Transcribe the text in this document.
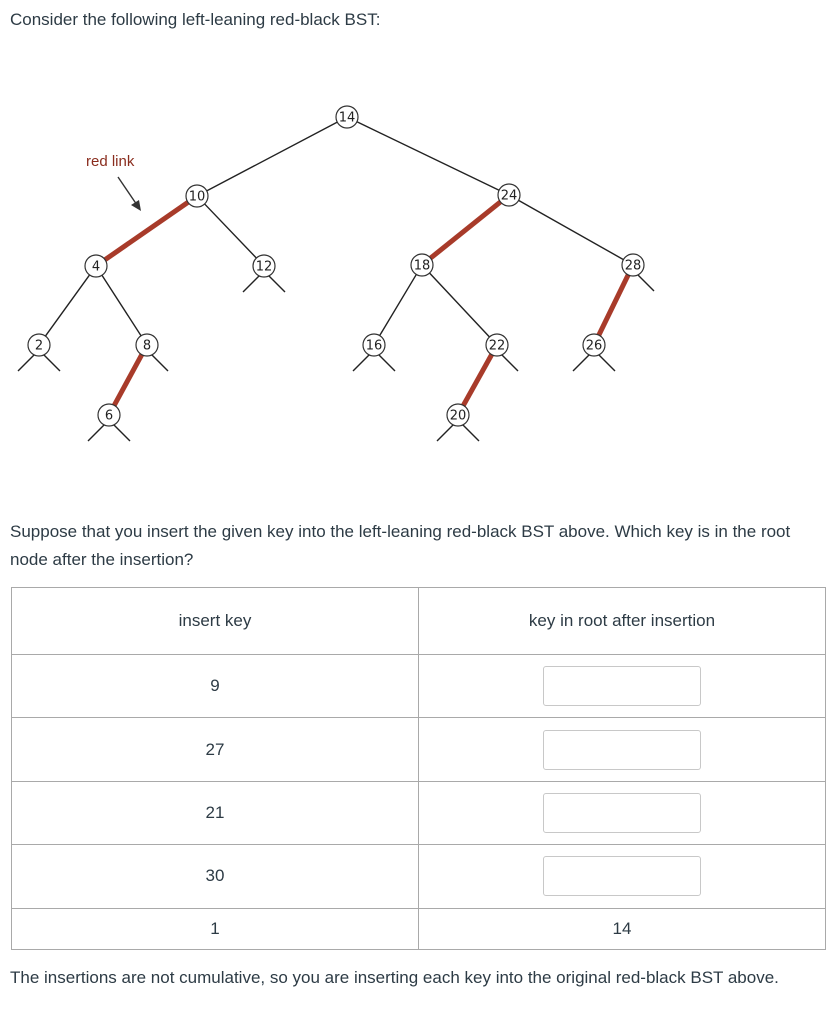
Consider the following left-leaning red-black BST:

red link
14
10	24
4	12	18	28
2	8	16	22	26
6	20

Suppose that you insert the given key into the left-leaning red-black BST above. Which key is in the root node after the insertion?

insert key	key in root after insertion
9	
27	
21	
30	
1	14

The insertions are not cumulative, so you are inserting each key into the original red-black BST above.
